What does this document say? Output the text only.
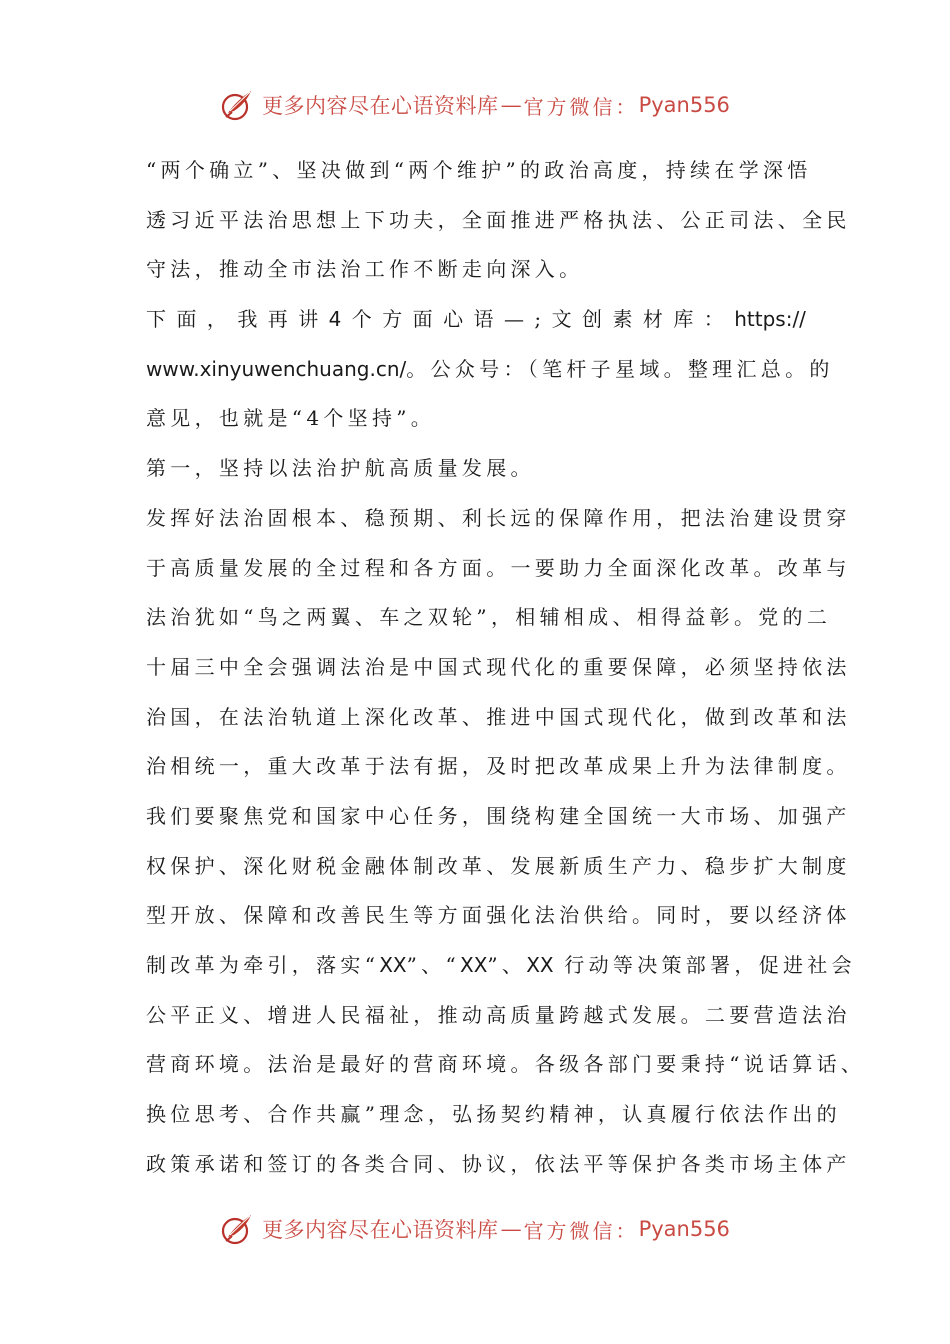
更多内容尽在心语资料库 — 官方微信： Pyan556
“两个确立”、坚决做到“两个维护”的政治高度，持续在学深悟
透习近平法治思想上下功夫，全面推进严格执法、公正司法、全民
守法，推动全市法治工作不断走向深入。
下 面 ， 我 再 讲 4 个 方 面 心 语 — ; 文 创 素 材 库 ： https://
www.xinyuwenchuang.cn/。公众号：（笔杆子星域。整理汇总。的
意见，也就是“4个坚持”。
第一，坚持以法治护航高质量发展。
发挥好法治固根本、稳预期、利长远的保障作用，把法治建设贯穿
于高质量发展的全过程和各方面。一要助力全面深化改革。改革与
法治犹如“鸟之两翼、车之双轮”，相辅相成、相得益彰。党的二
十届三中全会强调法治是中国式现代化的重要保障，必须坚持依法
治国，在法治轨道上深化改革、推进中国式现代化，做到改革和法
治相统一，重大改革于法有据，及时把改革成果上升为法律制度。
我们要聚焦党和国家中心任务，围绕构建全国统一大市场、加强产
权保护、深化财税金融体制改革、发展新质生产力、稳步扩大制度
型开放、保障和改善民生等方面强化法治供给。同时，要以经济体
制改革为牵引，落实“XX”、“XX”、XX 行动等决策部署，促进社会
公平正义、增进人民福祉，推动高质量跨越式发展。二要营造法治
营商环境。法治是最好的营商环境。各级各部门要秉持“说话算话、
换位思考、合作共赢”理念，弘扬契约精神，认真履行依法作出的
政策承诺和签订的各类合同、协议，依法平等保护各类市场主体产
更多内容尽在心语资料库 — 官方微信： Pyan556
